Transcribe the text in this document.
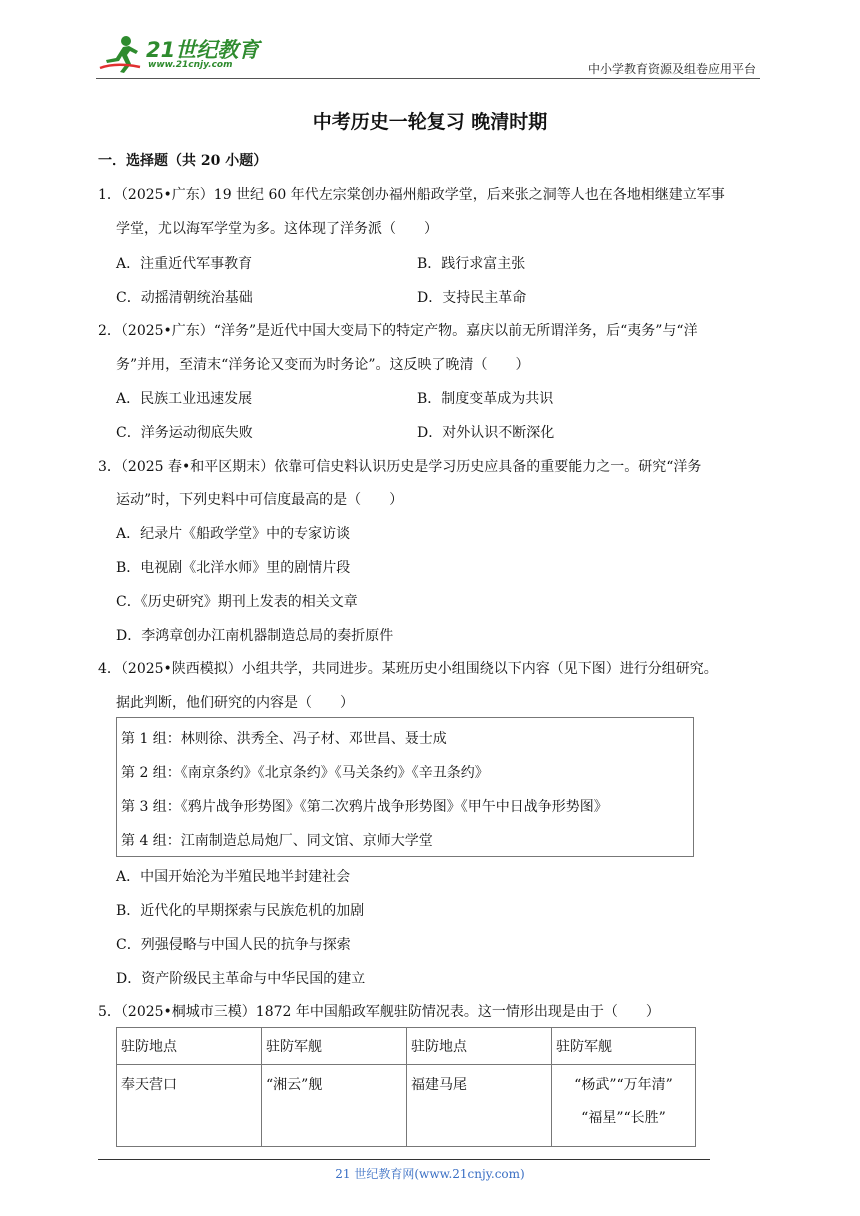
21世纪教育
www.21cnjy.com	中小学教育资源及组卷应用平台
中考历史一轮复习 晚清时期
一．选择题（共 20 小题）
1．（2025•广东）19 世纪 60 年代左宗棠创办福州船政学堂，后来张之洞等人也在各地相继建立军事
学堂，尤以海军学堂为多。这体现了洋务派（　　）
A．注重近代军事教育	B．践行求富主张
C．动摇清朝统治基础	D．支持民主革命
2．（2025•广东）“洋务”是近代中国大变局下的特定产物。嘉庆以前无所谓洋务，后“夷务”与“洋
务”并用，至清末“洋务论又变而为时务论”。这反映了晚清（　　）
A．民族工业迅速发展	B．制度变革成为共识
C．洋务运动彻底失败	D．对外认识不断深化
3．（2025 春•和平区期末）依靠可信史料认识历史是学习历史应具备的重要能力之一。研究“洋务
运动”时，下列史料中可信度最高的是（　　）
A．纪录片《船政学堂》中的专家访谈
B．电视剧《北洋水师》里的剧情片段
C．《历史研究》期刊上发表的相关文章
D．李鸿章创办江南机器制造总局的奏折原件
4．（2025•陕西模拟）小组共学，共同进步。某班历史小组围绕以下内容（见下图）进行分组研究。
据此判断，他们研究的内容是（　　）
第 1 组：林则徐、洪秀全、冯子材、邓世昌、聂士成
第 2 组：《南京条约》《北京条约》《马关条约》《辛丑条约》
第 3 组：《鸦片战争形势图》《第二次鸦片战争形势图》《甲午中日战争形势图》
第 4 组：江南制造总局炮厂、同文馆、京师大学堂
A．中国开始沦为半殖民地半封建社会
B．近代化的早期探索与民族危机的加剧
C．列强侵略与中国人民的抗争与探索
D．资产阶级民主革命与中华民国的建立
5．（2025•桐城市三模）1872 年中国船政军舰驻防情况表。这一情形出现是由于（　　）
驻防地点	驻防军舰	驻防地点	驻防军舰
奉天营口	“湘云”舰	福建马尾	“杨武”“万年清”
“福星”“长胜”
21 世纪教育网(www.21cnjy.com)
